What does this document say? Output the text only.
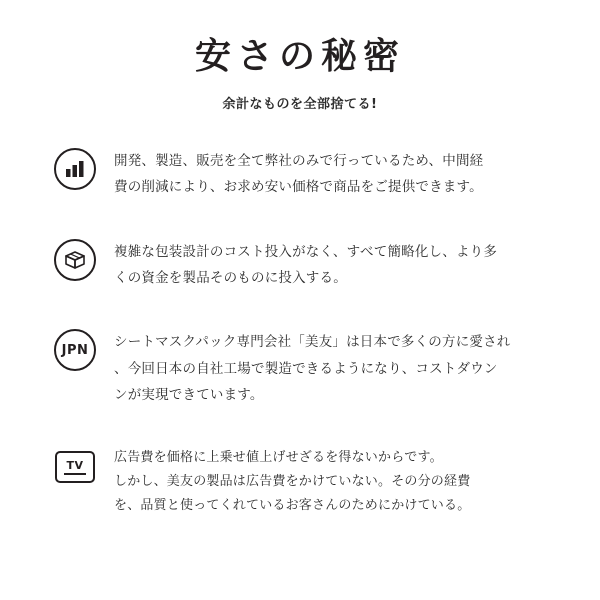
安さの秘密

余計なものを全部捨てる!

開発、製造、販売を全て弊社のみで行っているため、中間経
費の削減により、お求め安い価格で商品をご提供できます。
複雑な包装設計のコスト投入がなく、すべて簡略化し、より多
くの資金を製品そのものに投入する。
JPN シートマスクパック専門会社「美友」は日本で多くの方に愛され
、今回日本の自社工場で製造できるようになり、コストダウン
ンが実現できています。
TV
広告費を価格に上乗せ値上げせざるを得ないからです。
しかし、美友の製品は広告費をかけていない。その分の経費
を、品質と使ってくれているお客さんのためにかけている。
